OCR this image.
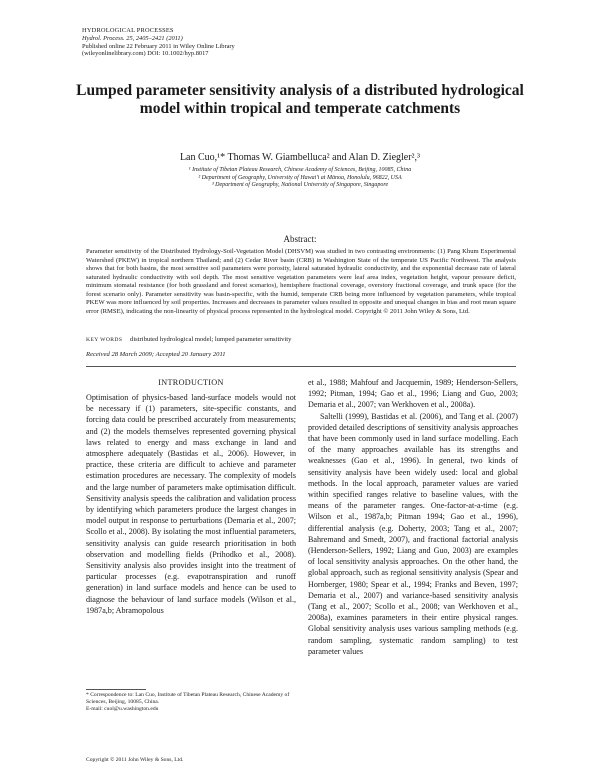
HYDROLOGICAL PROCESSES
Hydrol. Process. 25, 2405–2421 (2011)
Published online 22 February 2011 in Wiley Online Library
(wileyonlinelibrary.com) DOI: 10.1002/hyp.8017
Lumped parameter sensitivity analysis of a distributed hydrological model within tropical and temperate catchments
Lan Cuo,¹* Thomas W. Giambelluca² and Alan D. Ziegler²,³
¹ Institute of Tibetan Plateau Research, Chinese Academy of Sciences, Beijing, 10085, China
² Department of Geography, University of Hawai'i at Mānoa, Honolulu, 96822, USA
³ Department of Geography, National University of Singapore, Singapore
Abstract:
Parameter sensitivity of the Distributed Hydrology-Soil-Vegetation Model (DHSVM) was studied in two contrasting environments: (1) Pang Khum Experimental Watershed (PKEW) in tropical northern Thailand; and (2) Cedar River basin (CRB) in Washington State of the temperate US Pacific Northwest. The analysis shows that for both basins, the most sensitive soil parameters were porosity, lateral saturated hydraulic conductivity, and the exponential decrease rate of lateral saturated hydraulic conductivity with soil depth. The most sensitive vegetation parameters were leaf area index, vegetation height, vapour pressure deficit, minimum stomatal resistance (for both grassland and forest scenarios), hemisphere fractional coverage, overstory fractional coverage, and trunk space (for the forest scenario only). Parameter sensitivity was basin-specific, with the humid, temperate CRB being more influenced by vegetation parameters, while tropical PKEW was more influenced by soil properties. Increases and decreases in parameter values resulted in opposite and unequal changes in bias and root mean square error (RMSE), indicating the non-linearity of physical process represented in the hydrological model. Copyright © 2011 John Wiley & Sons, Ltd.
KEY WORDS distributed hydrological model; lumped parameter sensitivity
Received 28 March 2009; Accepted 20 January 2011
INTRODUCTION

Optimisation of physics-based land-surface models would not be necessary if (1) parameters, site-specific constants, and forcing data could be prescribed accurately from measurements; and (2) the models themselves represented governing physical laws related to energy and mass exchange in land and atmosphere adequately (Bastidas et al., 2006). However, in practice, these criteria are difficult to achieve and parameter estimation procedures are necessary. The complexity of models and the large number of parameters make optimisation difficult. Sensitivity analysis speeds the calibration and validation process by identifying which parameters produce the largest changes in model output in response to perturbations (Demaria et al., 2007; Scollo et al., 2008). By isolating the most influential parameters, sensitivity analysis can guide research prioritisation in both observation and modelling fields (Prihodko et al., 2008). Sensitivity analysis also provides insight into the treatment of particular processes (e.g. evapotranspiration and runoff generation) in land surface models and hence can be used to diagnose the behaviour of land surface models (Wilson et al., 1987a,b; Abramopolous

et al., 1988; Mahfouf and Jacquemin, 1989; Henderson-Sellers, 1992; Pitman, 1994; Gao et al., 1996; Liang and Guo, 2003; Demaria et al., 2007; van Werkhoven et al., 2008a).

Saltelli (1999), Bastidas et al. (2006), and Tang et al. (2007) provided detailed descriptions of sensitivity analysis approaches that have been commonly used in land surface modelling. Each of the many approaches available has its strengths and weaknesses (Gao et al., 1996). In general, two kinds of sensitivity analysis have been widely used: local and global methods. In the local approach, parameter values are varied within specified ranges relative to baseline values, with the means of the parameter ranges. One-factor-at-a-time (e.g. Wilson et al., 1987a,b; Pitman 1994; Gao et al., 1996), differential analysis (e.g. Doherty, 2003; Tang et al., 2007; Bahremand and Smedt, 2007), and fractional factorial analysis (Henderson-Sellers, 1992; Liang and Guo, 2003) are examples of local sensitivity analysis approaches. On the other hand, the global approach, such as regional sensitivity analysis (Spear and Hornberger, 1980; Spear et al., 1994; Franks and Beven, 1997; Demaria et al., 2007) and variance-based sensitivity analysis (Tang et al., 2007; Scollo et al., 2008; van Werkhoven et al., 2008a), examines parameters in their entire physical ranges. Global sensitivity analysis uses various sampling methods (e.g. random sampling, systematic random sampling) to test parameter values

* Correspondence to: Lan Cuo, Institute of Tibetan Plateau Research, Chinese Academy of Sciences, Beijing, 10085, China.
E-mail: cuol@u.washington.edu
Copyright © 2011 John Wiley & Sons, Ltd.
